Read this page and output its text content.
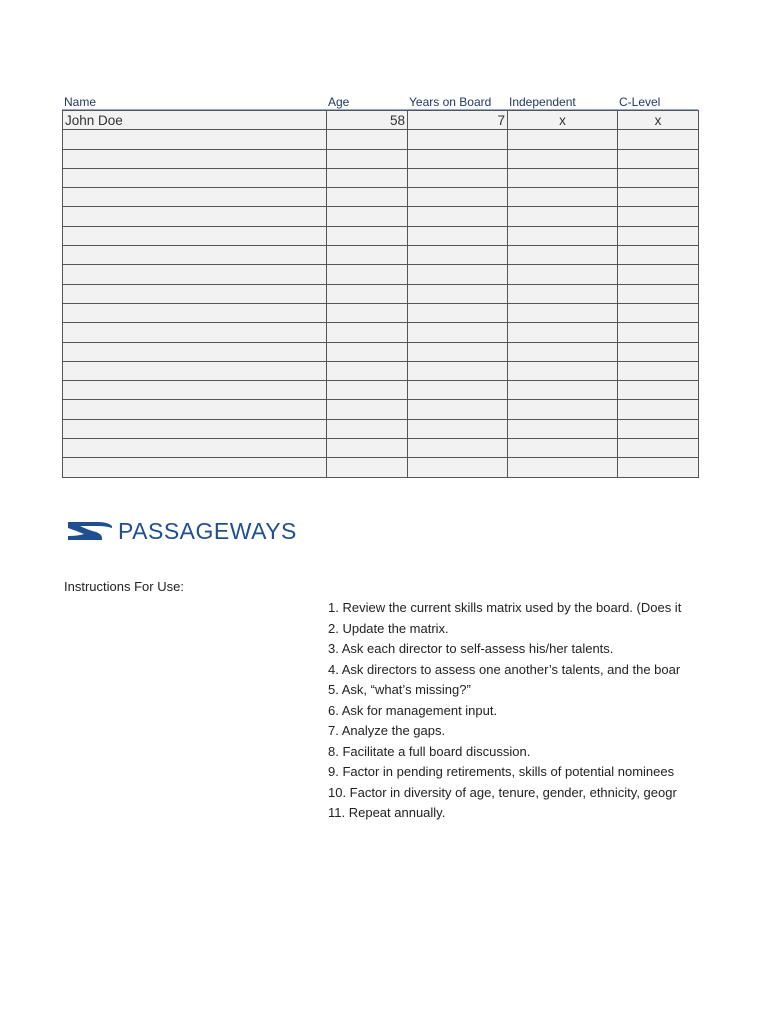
Name	Age	Years on Board	Independent	C-Level
John Doe	58	7	x	x

PASSAGEWAYS
Instructions For Use:
1. Review the current skills matrix used by the board. (Does it
2. Update the matrix.
3. Ask each director to self-assess his/her talents.
4. Ask directors to assess one another’s talents, and the boar
5. Ask, “what’s missing?”
6. Ask for management input.
7. Analyze the gaps.
8. Facilitate a full board discussion.
9. Factor in pending retirements, skills of potential nominees
10. Factor in diversity of age, tenure, gender, ethnicity, geogr
11. Repeat annually.
